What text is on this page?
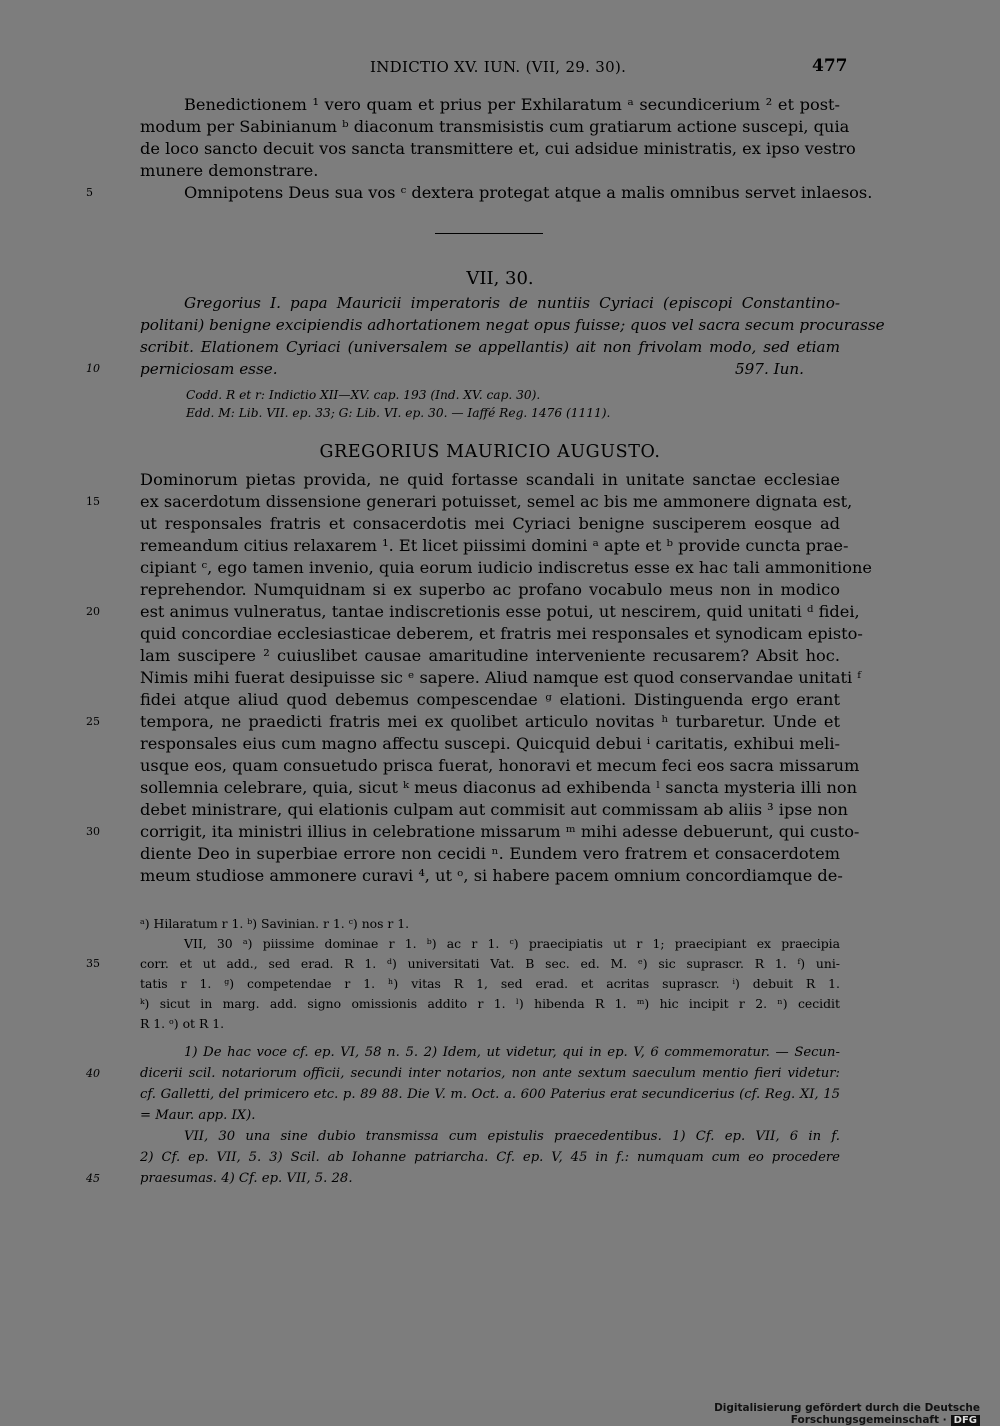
INDICTIO XV. IUN. (VII, 29. 30).	477
Benedictionem ¹ vero quam et prius per Exhilaratum ᵃ secundicerium ² et post-
modum per Sabinianum ᵇ diaconum transmisistis cum gratiarum actione suscepi, quia
de loco sancto decuit vos sancta transmittere et, cui adsidue ministratis, ex ipso vestro
munere demonstrare.
5	Omnipotens Deus sua vos ᶜ dextera protegat atque a malis omnibus servet inlaesos.
VII, 30.
Gregorius I. papa Mauricii imperatoris de nuntiis Cyriaci (episcopi Constantino-
politani) benigne excipiendis adhortationem negat opus fuisse; quos vel sacra secum procurasse
scribit. Elationem Cyriaci (universalem se appellantis) ait non frivolam modo, sed etiam
10	perniciosam esse.	597. Iun.
Codd. R et r: Indictio XII—XV. cap. 193 (Ind. XV. cap. 30).
Edd. M: Lib. VII. ep. 33; G: Lib. VI. ep. 30. — Iaffé Reg. 1476 (1111).
GREGORIUS MAURICIO AUGUSTO.
Dominorum pietas provida, ne quid fortasse scandali in unitate sanctae ecclesiae
15	ex sacerdotum dissensione generari potuisset, semel ac bis me ammonere dignata est,
ut responsales fratris et consacerdotis mei Cyriaci benigne susciperem eosque ad
remeandum citius relaxarem ¹. Et licet piissimi domini ᵃ apte et ᵇ provide cuncta prae-
cipiant ᶜ, ego tamen invenio, quia eorum iudicio indiscretus esse ex hac tali ammonitione
reprehendor. Numquidnam si ex superbo ac profano vocabulo meus non in modico
20	est animus vulneratus, tantae indiscretionis esse potui, ut nescirem, quid unitati ᵈ fidei,
quid concordiae ecclesiasticae deberem, et fratris mei responsales et synodicam episto-
lam suscipere ² cuiuslibet causae amaritudine interveniente recusarem? Absit hoc.
Nimis mihi fuerat desipuisse sic ᵉ sapere. Aliud namque est quod conservandae unitati ᶠ
fidei atque aliud quod debemus compescendae ᵍ elationi. Distinguenda ergo erant
25	tempora, ne praedicti fratris mei ex quolibet articulo novitas ʰ turbaretur. Unde et
responsales eius cum magno affectu suscepi. Quicquid debui ⁱ caritatis, exhibui meli-
usque eos, quam consuetudo prisca fuerat, honoravi et mecum feci eos sacra missarum
sollemnia celebrare, quia, sicut ᵏ meus diaconus ad exhibenda ˡ sancta mysteria illi non
debet ministrare, qui elationis culpam aut commisit aut commissam ab aliis ³ ipse non
30	corrigit, ita ministri illius in celebratione missarum ᵐ mihi adesse debuerunt, qui custo-
diente Deo in superbiae errore non cecidi ⁿ. Eundem vero fratrem et consacerdotem
meum studiose ammonere curavi ⁴, ut ᵒ, si habere pacem omnium concordiamque de-
ᵃ) Hilaratum r 1. ᵇ) Savinian. r 1. ᶜ) nos r 1.
VII, 30 ᵃ) piissime dominae r 1. ᵇ) ac r 1. ᶜ) praecipiatis ut r 1; praecipiant ex praecipia
35	corr. et ut add., sed erad. R 1. ᵈ) universitati Vat. B sec. ed. M. ᵉ) sic suprascr. R 1. ᶠ) uni-
tatis r 1. ᵍ) competendae r 1. ʰ) vitas R 1, sed erad. et acritas suprascr. ⁱ) debuit R 1.
ᵏ) sicut in marg. add. signo omissionis addito r 1. ˡ) hibenda R 1. ᵐ) hic incipit r 2. ⁿ) cecidit
R 1. ᵒ) ot R 1.
1) De hac voce cf. ep. VI, 58 n. 5. 2) Idem, ut videtur, qui in ep. V, 6 commemoratur. — Secun-
40	dicerii scil. notariorum officii, secundi inter notarios, non ante sextum saeculum mentio fieri videtur:
cf. Galletti, del primicero etc. p. 89 88. Die V. m. Oct. a. 600 Paterius erat secundicerius (cf. Reg. XI, 15
= Maur. app. IX).
VII, 30 una sine dubio transmissa cum epistulis praecedentibus. 1) Cf. ep. VII, 6 in f.
2) Cf. ep. VII, 5. 3) Scil. ab Iohanne patriarcha. Cf. ep. V, 45 in f.: numquam cum eo procedere
45	praesumas. 4) Cf. ep. VII, 5. 28.
Digitalisierung gefördert durch die Deutsche Forschungsgemeinschaft · DFG
